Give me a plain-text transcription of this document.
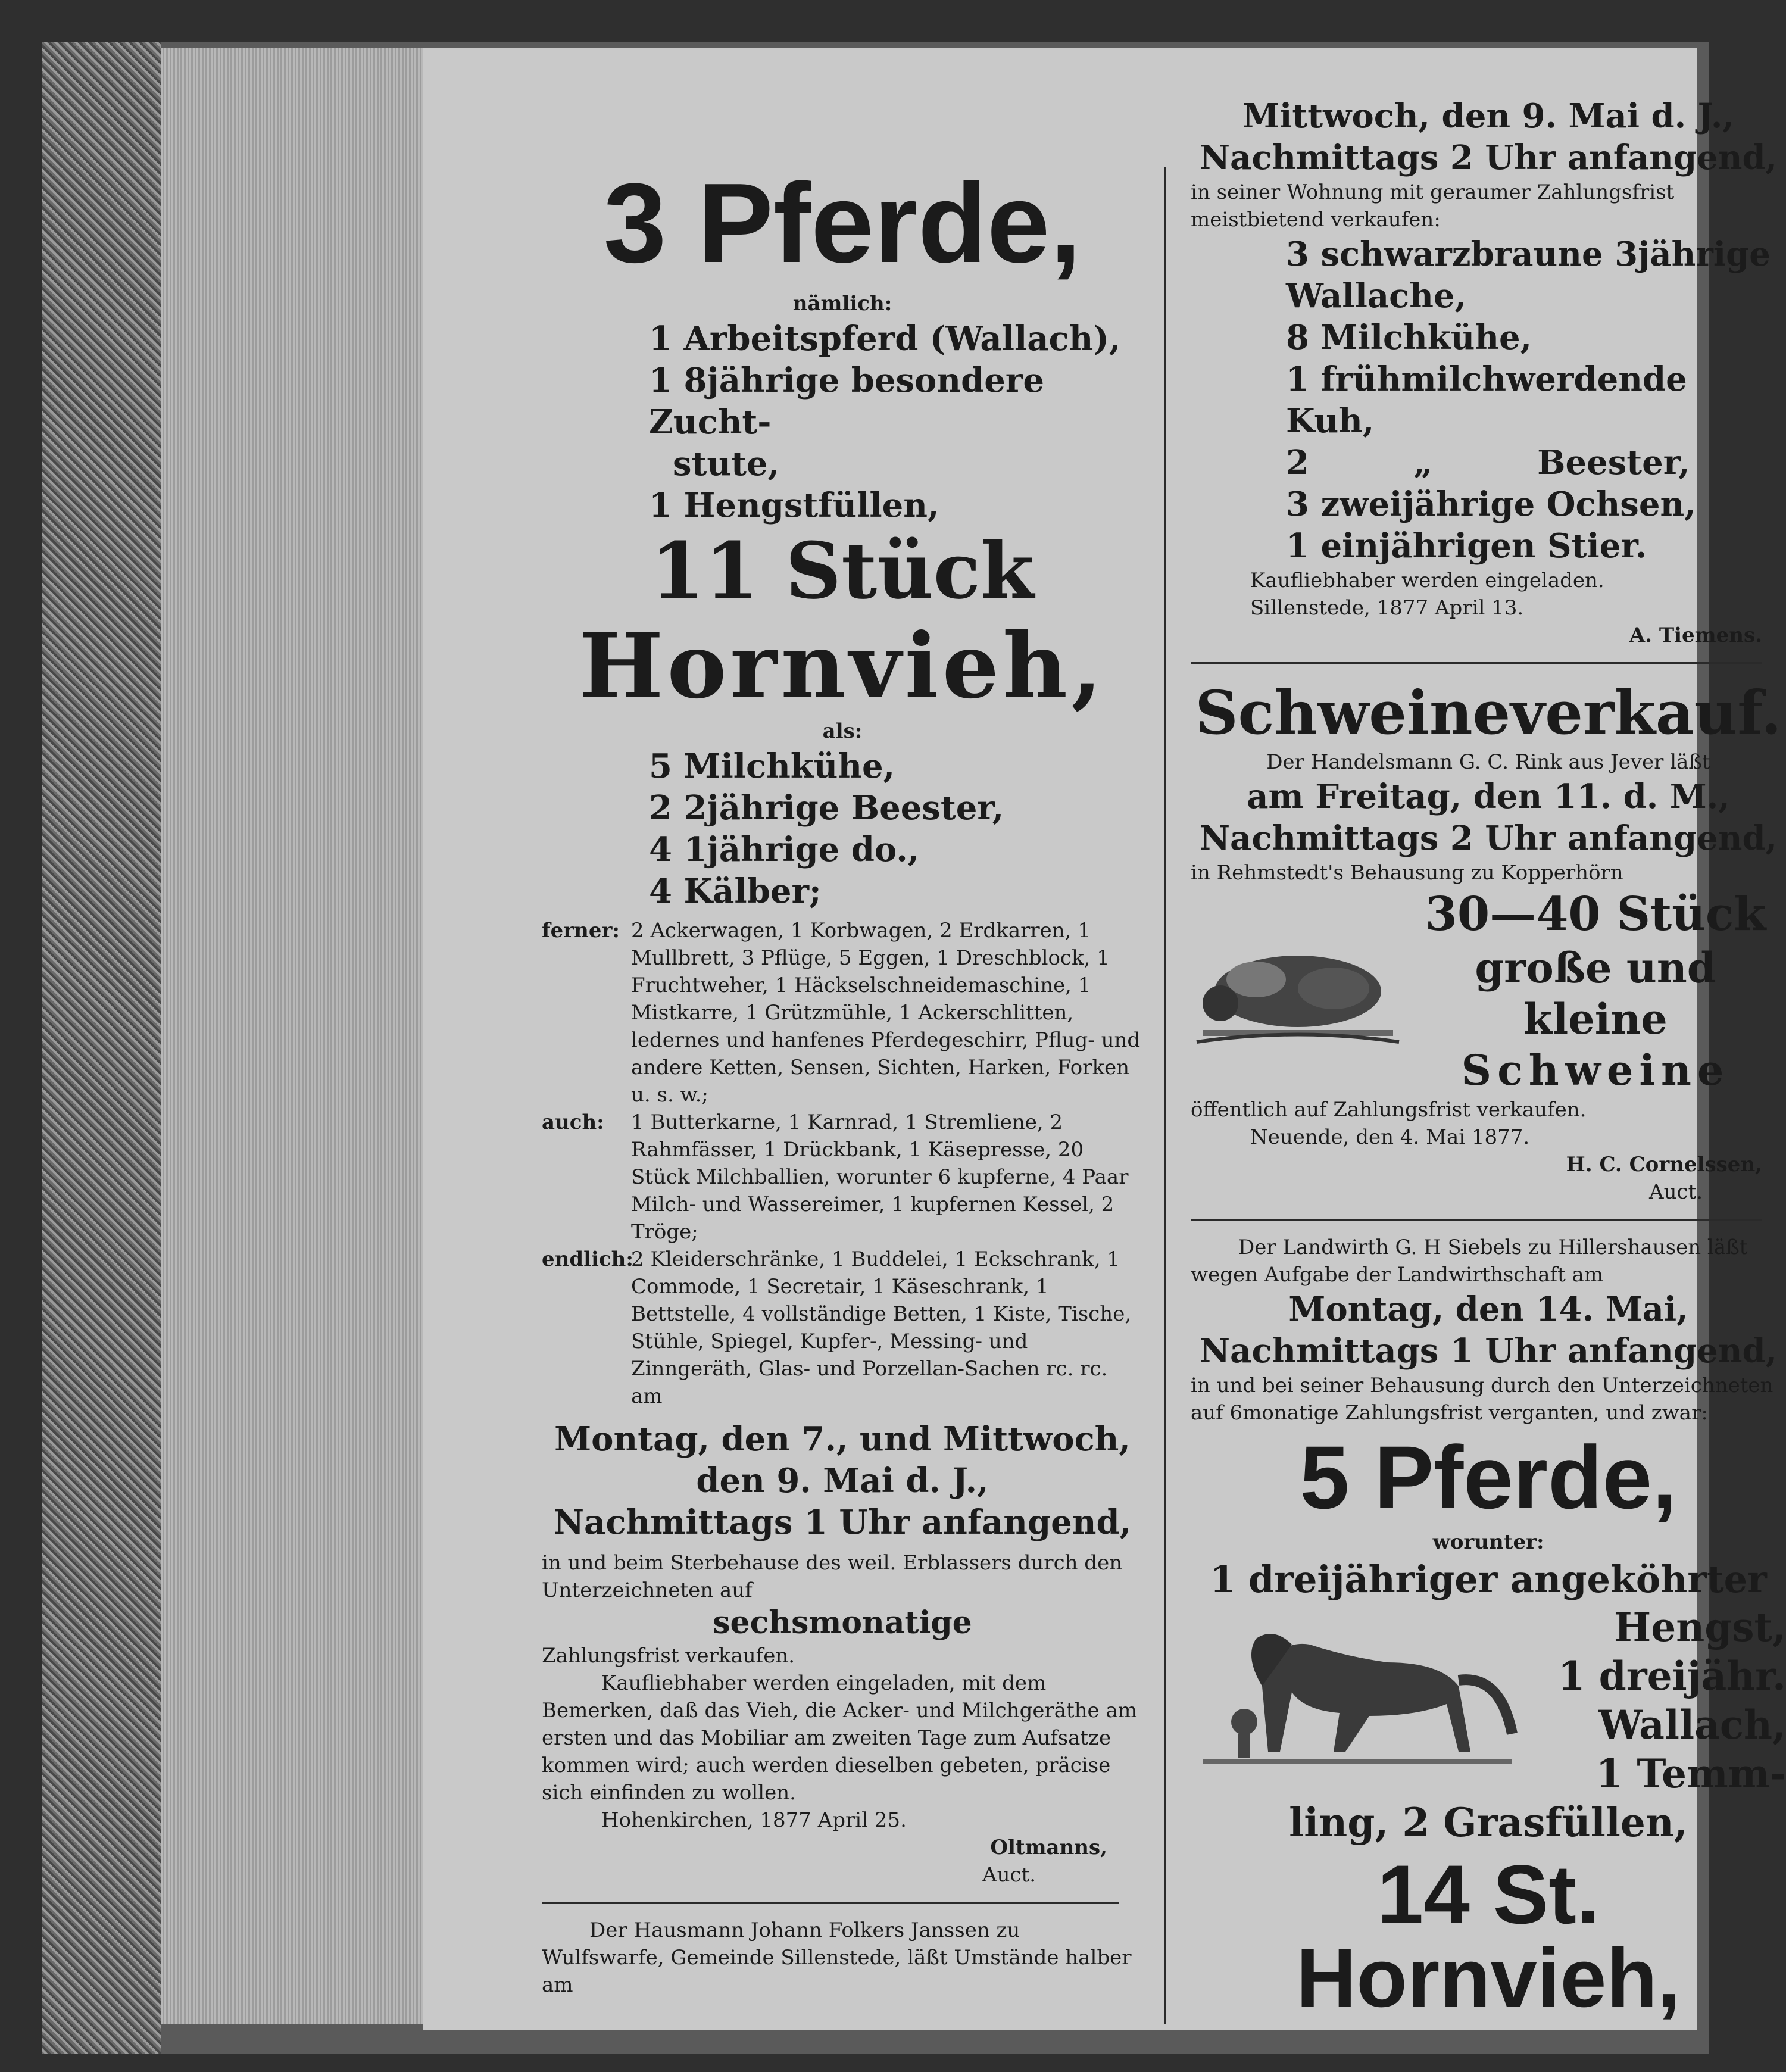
3 Pferde,

nämlich:

1 Arbeitspferd (Wallach),

1 8jährige besondere Zucht-

stute,

1 Hengstfüllen,

11 Stück

Hornvieh,

als:

5 Milchkühe,

2 2jährige Beester,

4 1jährige do.,

4 Kälber;

ferner: 2 Ackerwagen, 1 Korbwagen, 2 Erdkarren, 1 Mullbrett, 3 Pflüge, 5 Eggen, 1 Dreschblock, 1 Fruchtweher, 1 Häckselschneidemaschine, 1 Mistkarre, 1 Grützmühle, 1 Ackerschlitten, ledernes und hanfenes Pferdegeschirr, Pflug- und andere Ketten, Sensen, Sichten, Harken, Forken u. s. w.;
auch:	1 Butterkarne, 1 Karnrad, 1 Stremliene, 2 Rahmfässer, 1 Drückbank, 1 Käsepresse, 20 Stück Milchballien, worunter 6 kupferne, 4 Paar Milch- und Wassereimer, 1 kupfernen Kessel, 2 Tröge;
endlich:
2 Kleiderschränke, 1 Buddelei, 1 Eckschrank, 1 Commode, 1 Secretair, 1 Käseschrank, 1 Bettstelle, 4 vollständige Betten, 1 Kiste, Tische, Stühle, Spiegel, Kupfer-, Messing- und Zinngeräth, Glas- und Porzellan-Sachen rc. rc. am

Montag, den 7., und Mittwoch,

den 9. Mai d. J.,

Nachmittags 1 Uhr anfangend,

in und beim Sterbehause des weil. Erblassers durch den Unterzeichneten auf

sechsmonatige

Zahlungsfrist verkaufen.

Kaufliebhaber werden eingeladen, mit dem Bemerken, daß das Vieh, die Acker- und Milchgeräthe am ersten und das Mobiliar am zweiten Tage zum Aufsatze kommen wird; auch werden dieselben gebeten, präcise sich einfinden zu wollen.

Hohenkirchen, 1877 April 25.

Oltmanns,

Auct.

Der Hausmann Johann Folkers Janssen zu Wulfswarfe, Gemeinde Sillenstede, läßt Umstände halber am

Mittwoch, den 9. Mai d. J.,

Nachmittags 2 Uhr anfangend,

in seiner Wohnung mit geraumer Zahlungsfrist meistbietend verkaufen:

3 schwarzbraune 3jährige

Wallache,

8 Milchkühe,

1 frühmilchwerdende Kuh,

2         „         Beester,

3 zweijährige Ochsen,

1 einjährigen Stier.

Kaufliebhaber werden eingeladen.

Sillenstede, 1877 April 13.

A. Tiemens.

Schweineverkauf.

Der Handelsmann G. C. Rink aus Jever läßt

am Freitag, den 11. d. M.,

Nachmittags 2 Uhr anfangend,

in Rehmstedt's Behausung zu Kopperhörn

30—40 Stück

große und kleine

Schweine

öffentlich auf Zahlungsfrist verkaufen.

Neuende, den 4. Mai 1877.

H. C. Cornelssen,

Auct.

Der Landwirth G. H Siebels zu Hillershausen läßt wegen Aufgabe der Landwirthschaft am

Montag, den 14. Mai,

Nachmittags 1 Uhr anfangend,

in und bei seiner Behausung durch den Unterzeichneten auf 6monatige Zahlungsfrist verganten, und zwar:

5 Pferde,

worunter:

1 dreijähriger angeköhrter

Hengst,

1 dreijähr.

Wallach,

1 Temm-

ling, 2 Grasfüllen,

14 St. Hornvieh,
